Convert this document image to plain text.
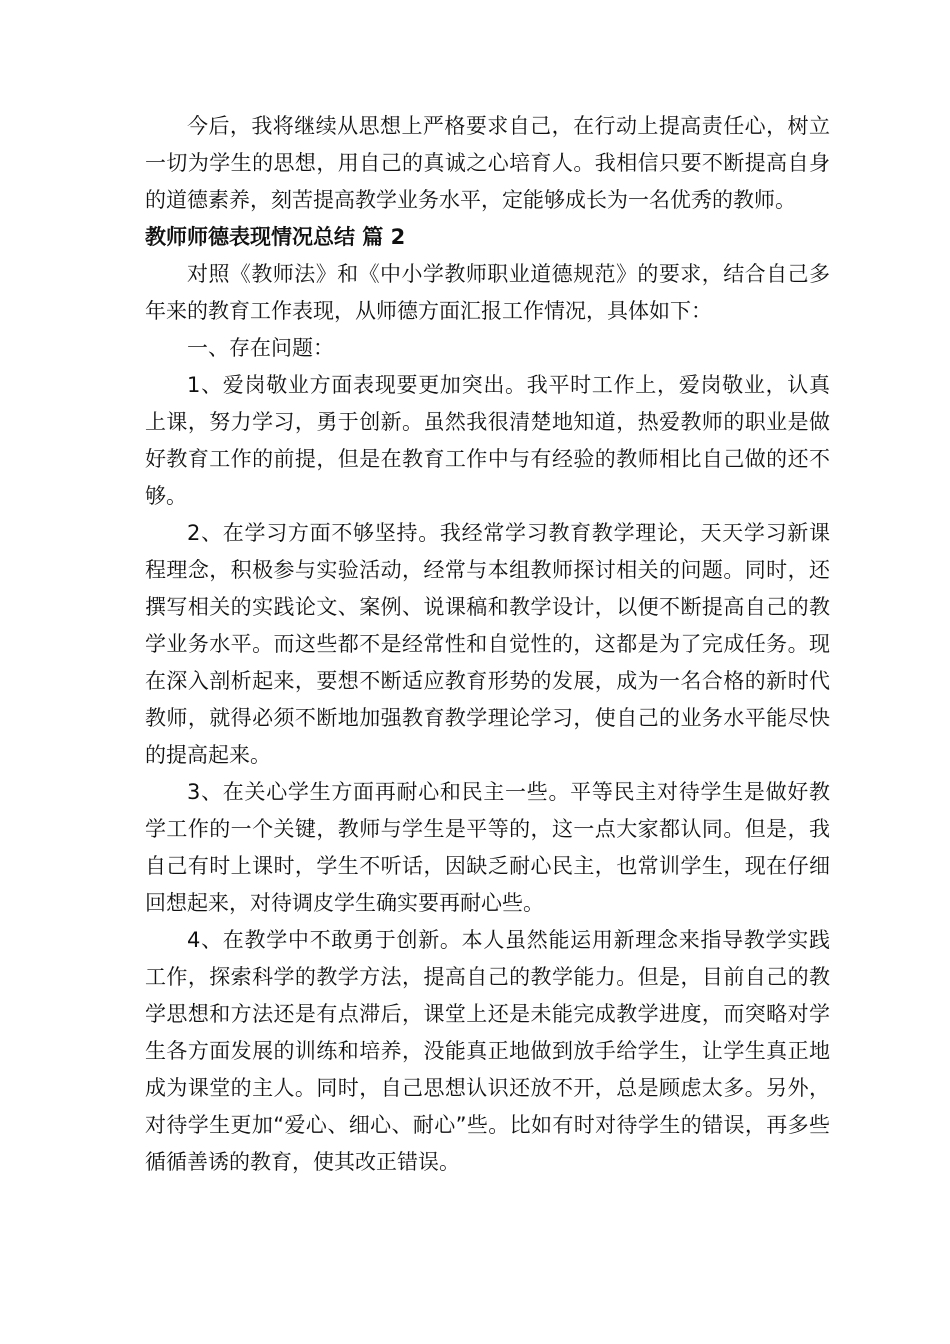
今后，我将继续从思想上严格要求自己，在行动上提高责任心，树立一切为学生的思想，用自己的真诚之心培育人。我相信只要不断提高自身的道德素养，刻苦提高教学业务水平，定能够成长为一名优秀的教师。

教师师德表现情况总结 篇 2

对照《教师法》和《中小学教师职业道德规范》的要求，结合自己多年来的教育工作表现，从师德方面汇报工作情况，具体如下：

一、存在问题：

1、爱岗敬业方面表现要更加突出。我平时工作上，爱岗敬业，认真上课，努力学习，勇于创新。虽然我很清楚地知道，热爱教师的职业是做好教育工作的前提，但是在教育工作中与有经验的教师相比自己做的还不够。

2、在学习方面不够坚持。我经常学习教育教学理论，天天学习新课程理念，积极参与实验活动，经常与本组教师探讨相关的问题。同时，还撰写相关的实践论文、案例、说课稿和教学设计，以便不断提高自己的教学业务水平。而这些都不是经常性和自觉性的，这都是为了完成任务。现在深入剖析起来，要想不断适应教育形势的发展，成为一名合格的新时代教师，就得必须不断地加强教育教学理论学习，使自己的业务水平能尽快的提高起来。

3、在关心学生方面再耐心和民主一些。平等民主对待学生是做好教学工作的一个关键，教师与学生是平等的，这一点大家都认同。但是，我自己有时上课时，学生不听话，因缺乏耐心民主，也常训学生，现在仔细回想起来，对待调皮学生确实要再耐心些。

4、在教学中不敢勇于创新。本人虽然能运用新理念来指导教学实践工作，探索科学的教学方法，提高自己的教学能力。但是，目前自己的教学思想和方法还是有点滞后，课堂上还是未能完成教学进度，而突略对学生各方面发展的训练和培养，没能真正地做到放手给学生，让学生真正地成为课堂的主人。同时，自己思想认识还放不开，总是顾虑太多。另外，对待学生更加“爱心、细心、耐心”些。比如有时对待学生的错误，再多些循循善诱的教育，使其改正错误。
